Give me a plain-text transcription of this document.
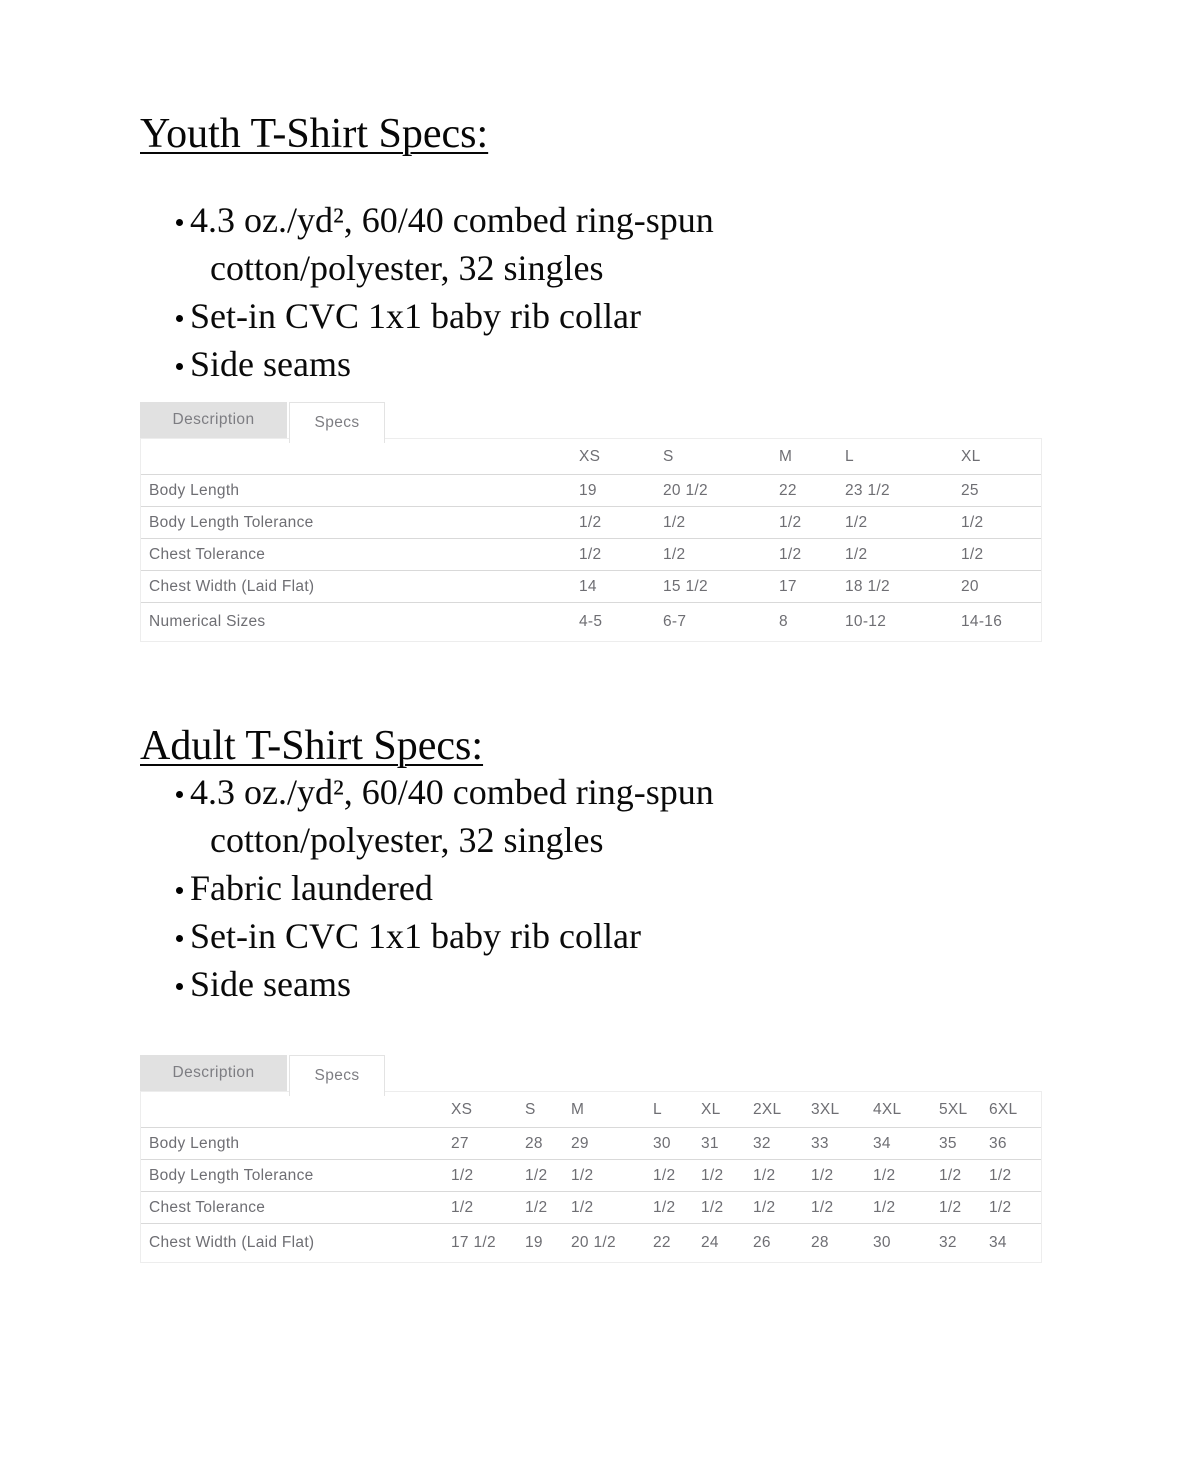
Youth T-Shirt Specs:
4.3 oz./yd², 60/40 combed ring-spun cotton/polyester, 32 singles
Set-in CVC 1x1 baby rib collar
Side seams
Description	Specs
	XS	S	M	L	XL
Body Length	19	20 1/2	22	23 1/2	25
Body Length Tolerance	1/2	1/2	1/2	1/2	1/2
Chest Tolerance	1/2	1/2	1/2	1/2	1/2
Chest Width (Laid Flat)	14	15 1/2	17	18 1/2	20
Numerical Sizes	4-5	6-7	8	10-12	14-16
Adult T-Shirt Specs:
4.3 oz./yd², 60/40 combed ring-spun cotton/polyester, 32 singles
Fabric laundered
Set-in CVC 1x1 baby rib collar
Side seams
Description	Specs
	XS	S	M	L	XL	2XL	3XL	4XL	5XL	6XL
Body Length	27	28	29	30	31	32	33	34	35	36
Body Length Tolerance	1/2	1/2	1/2	1/2	1/2	1/2	1/2	1/2	1/2	1/2
Chest Tolerance	1/2	1/2	1/2	1/2	1/2	1/2	1/2	1/2	1/2	1/2
Chest Width (Laid Flat)	17 1/2	19	20 1/2	22	24	26	28	30	32	34
